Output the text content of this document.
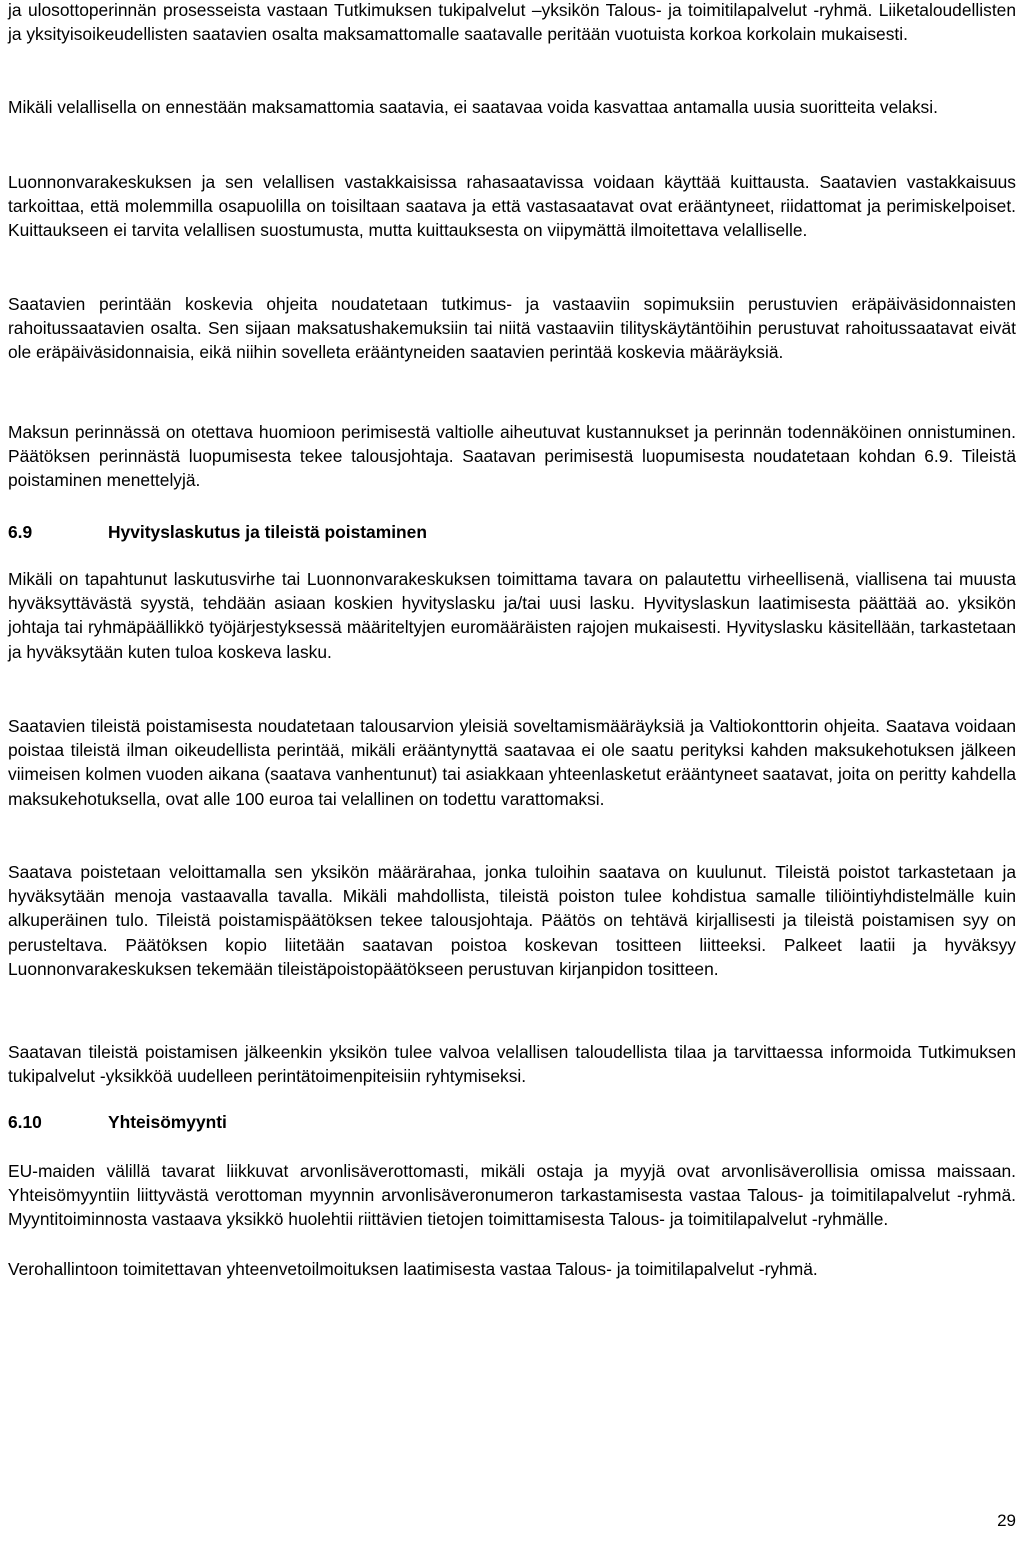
ja ulosottoperinnän prosesseista vastaan Tutkimuksen tukipalvelut –yksikön Talous- ja toimitilapalvelut -ryhmä. Liiketaloudellisten ja yksityisoikeudellisten saatavien osalta maksamattomalle saatavalle peritään vuotuista korkoa korkolain mukaisesti.

Mikäli velallisella on ennestään maksamattomia saatavia, ei saatavaa voida kasvattaa antamalla uusia suoritteita velaksi.

Luonnonvarakeskuksen ja sen velallisen vastakkaisissa rahasaatavissa voidaan käyttää kuittausta. Saatavien vastakkaisuus tarkoittaa, että molemmilla osapuolilla on toisiltaan saatava ja että vastasaatavat ovat erääntyneet, riidattomat ja perimiskelpoiset. Kuittaukseen ei tarvita velallisen suostumusta, mutta kuittauksesta on viipymättä ilmoitettava velalliselle.

Saatavien perintään koskevia ohjeita noudatetaan tutkimus- ja vastaaviin sopimuksiin perustuvien eräpäiväsidonnaisten rahoitussaatavien osalta. Sen sijaan maksatushakemuksiin tai niitä vastaaviin tilityskäytäntöihin perustuvat rahoitussaatavat eivät ole eräpäiväsidonnaisia, eikä niihin sovelleta erääntyneiden saatavien perintää koskevia määräyksiä.

Maksun perinnässä on otettava huomioon perimisestä valtiolle aiheutuvat kustannukset ja perinnän todennäköinen onnistuminen. Päätöksen perinnästä luopumisesta tekee talousjohtaja. Saatavan perimisestä luopumisesta noudatetaan kohdan 6.9. Tileistä poistaminen menettelyjä.

6.9	Hyvityslaskutus ja tileistä poistaminen

Mikäli on tapahtunut laskutusvirhe tai Luonnonvarakeskuksen toimittama tavara on palautettu virheellisenä, viallisena tai muusta hyväksyttävästä syystä, tehdään asiaan koskien hyvityslasku ja/tai uusi lasku. Hyvityslaskun laatimisesta päättää ao. yksikön johtaja tai ryhmäpäällikkö työjärjestyksessä määriteltyjen euromääräisten rajojen mukaisesti. Hyvityslasku käsitellään, tarkastetaan ja hyväksytään kuten tuloa koskeva lasku.

Saatavien tileistä poistamisesta noudatetaan talousarvion yleisiä soveltamismääräyksiä ja Valtiokonttorin ohjeita. Saatava voidaan poistaa tileistä ilman oikeudellista perintää, mikäli erääntynyttä saatavaa ei ole saatu perityksi kahden maksukehotuksen jälkeen viimeisen kolmen vuoden aikana (saatava vanhentunut) tai asiakkaan yhteenlasketut erääntyneet saatavat, joita on peritty kahdella maksukehotuksella, ovat alle 100 euroa tai velallinen on todettu varattomaksi.

Saatava poistetaan veloittamalla sen yksikön määrärahaa, jonka tuloihin saatava on kuulunut. Tileistä poistot tarkastetaan ja hyväksytään menoja vastaavalla tavalla. Mikäli mahdollista, tileistä poiston tulee kohdistua samalle tiliöintiyhdistelmälle kuin alkuperäinen tulo. Tileistä poistamispäätöksen tekee talousjohtaja. Päätös on tehtävä kirjallisesti ja tileistä poistamisen syy on perusteltava. Päätöksen kopio liitetään saatavan poistoa koskevan tositteen liitteeksi. Palkeet laatii ja hyväksyy Luonnonvarakeskuksen tekemään tileistäpoistopäätökseen perustuvan kirjanpidon tositteen.

Saatavan tileistä poistamisen jälkeenkin yksikön tulee valvoa velallisen taloudellista tilaa ja tarvittaessa informoida Tutkimuksen tukipalvelut -yksikköä uudelleen perintätoimenpiteisiin ryhtymiseksi.

6.10	Yhteisömyynti

EU-maiden välillä tavarat liikkuvat arvonlisäverottomasti, mikäli ostaja ja myyjä ovat arvonlisäverollisia omissa maissaan. Yhteisömyyntiin liittyvästä verottoman myynnin arvonlisäveronumeron tarkastamisesta vastaa Talous- ja toimitilapalvelut -ryhmä. Myyntitoiminnosta vastaava yksikkö huolehtii riittävien tietojen toimittamisesta Talous- ja toimitilapalvelut -ryhmälle.

Verohallintoon toimitettavan yhteenvetoilmoituksen laatimisesta vastaa Talous- ja toimitilapalvelut -ryhmä.

29
